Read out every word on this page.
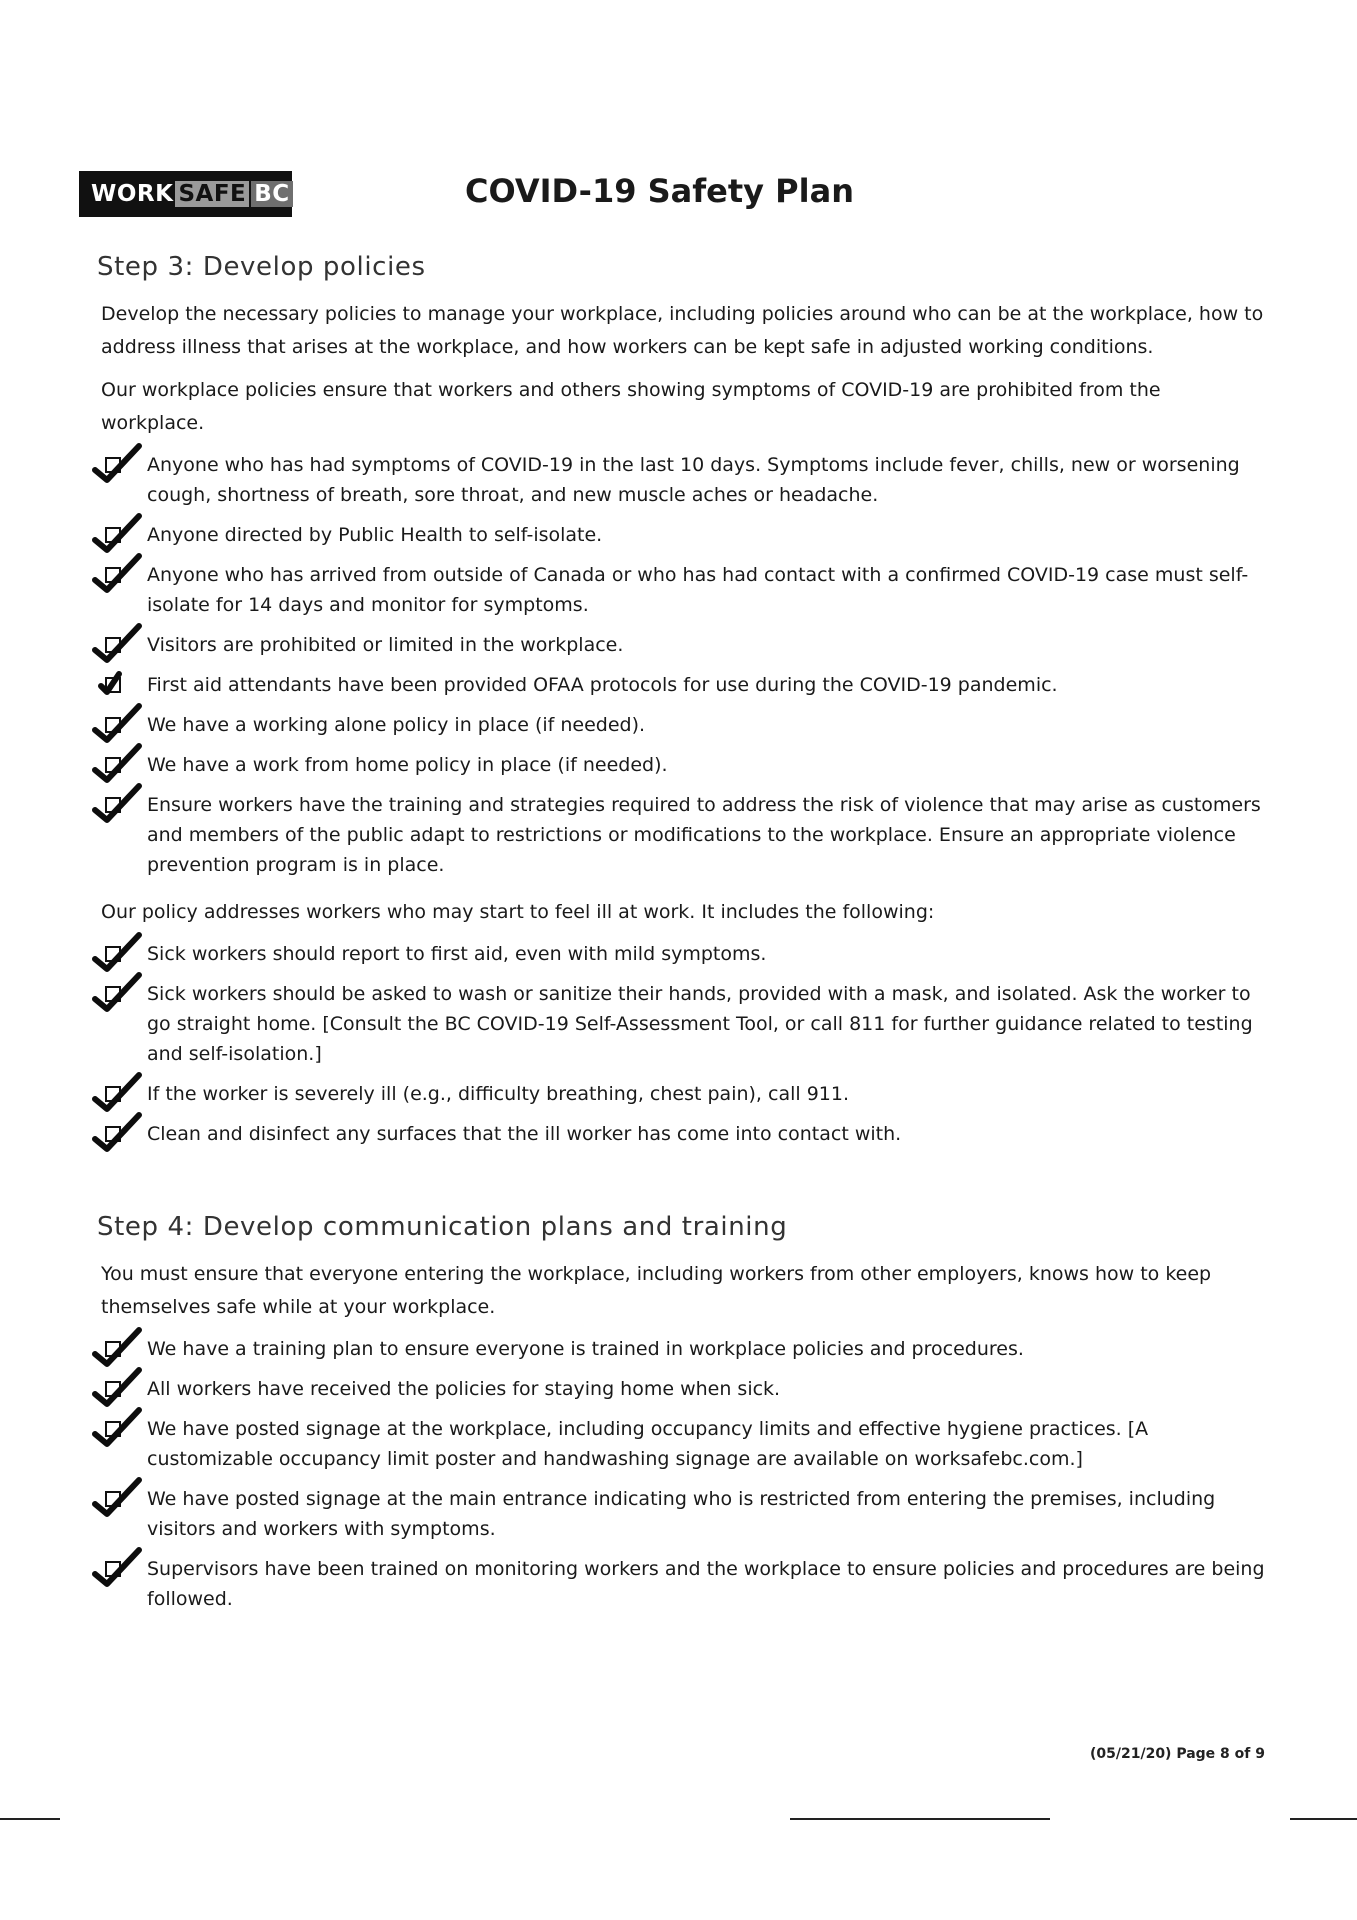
WORK SAFE BC	COVID-19 Safety Plan
Step 3: Develop policies

Develop the necessary policies to manage your workplace, including policies around who can be at the workplace, how to address illness that arises at the workplace, and how workers can be kept safe in adjusted working conditions.

Our workplace policies ensure that workers and others showing symptoms of COVID-19 are prohibited from the workplace.

Anyone who has had symptoms of COVID-19 in the last 10 days. Symptoms include fever, chills, new or worsening cough, shortness of breath, sore throat, and new muscle aches or headache.
Anyone directed by Public Health to self-isolate.
Anyone who has arrived from outside of Canada or who has had contact with a confirmed COVID-19 case must self-isolate for 14 days and monitor for symptoms.
Visitors are prohibited or limited in the workplace.
First aid attendants have been provided OFAA protocols for use during the COVID-19 pandemic.
We have a working alone policy in place (if needed).
We have a work from home policy in place (if needed).
Ensure workers have the training and strategies required to address the risk of violence that may arise as customers and members of the public adapt to restrictions or modifications to the workplace. Ensure an appropriate violence prevention program is in place.

Our policy addresses workers who may start to feel ill at work. It includes the following:

Sick workers should report to first aid, even with mild symptoms.
Sick workers should be asked to wash or sanitize their hands, provided with a mask, and isolated. Ask the worker to go straight home. [Consult the BC COVID-19 Self-Assessment Tool, or call 811 for further guidance related to testing and self-isolation.]
If the worker is severely ill (e.g., difficulty breathing, chest pain), call 911.
Clean and disinfect any surfaces that the ill worker has come into contact with.
Step 4: Develop communication plans and training

You must ensure that everyone entering the workplace, including workers from other employers, knows how to keep themselves safe while at your workplace.

We have a training plan to ensure everyone is trained in workplace policies and procedures.
All workers have received the policies for staying home when sick.
We have posted signage at the workplace, including occupancy limits and effective hygiene practices. [A customizable occupancy limit poster and handwashing signage are available on worksafebc.com.]
We have posted signage at the main entrance indicating who is restricted from entering the premises, including visitors and workers with symptoms.
Supervisors have been trained on monitoring workers and the workplace to ensure policies and procedures are being followed.
(05/21/20) Page 8 of 9
